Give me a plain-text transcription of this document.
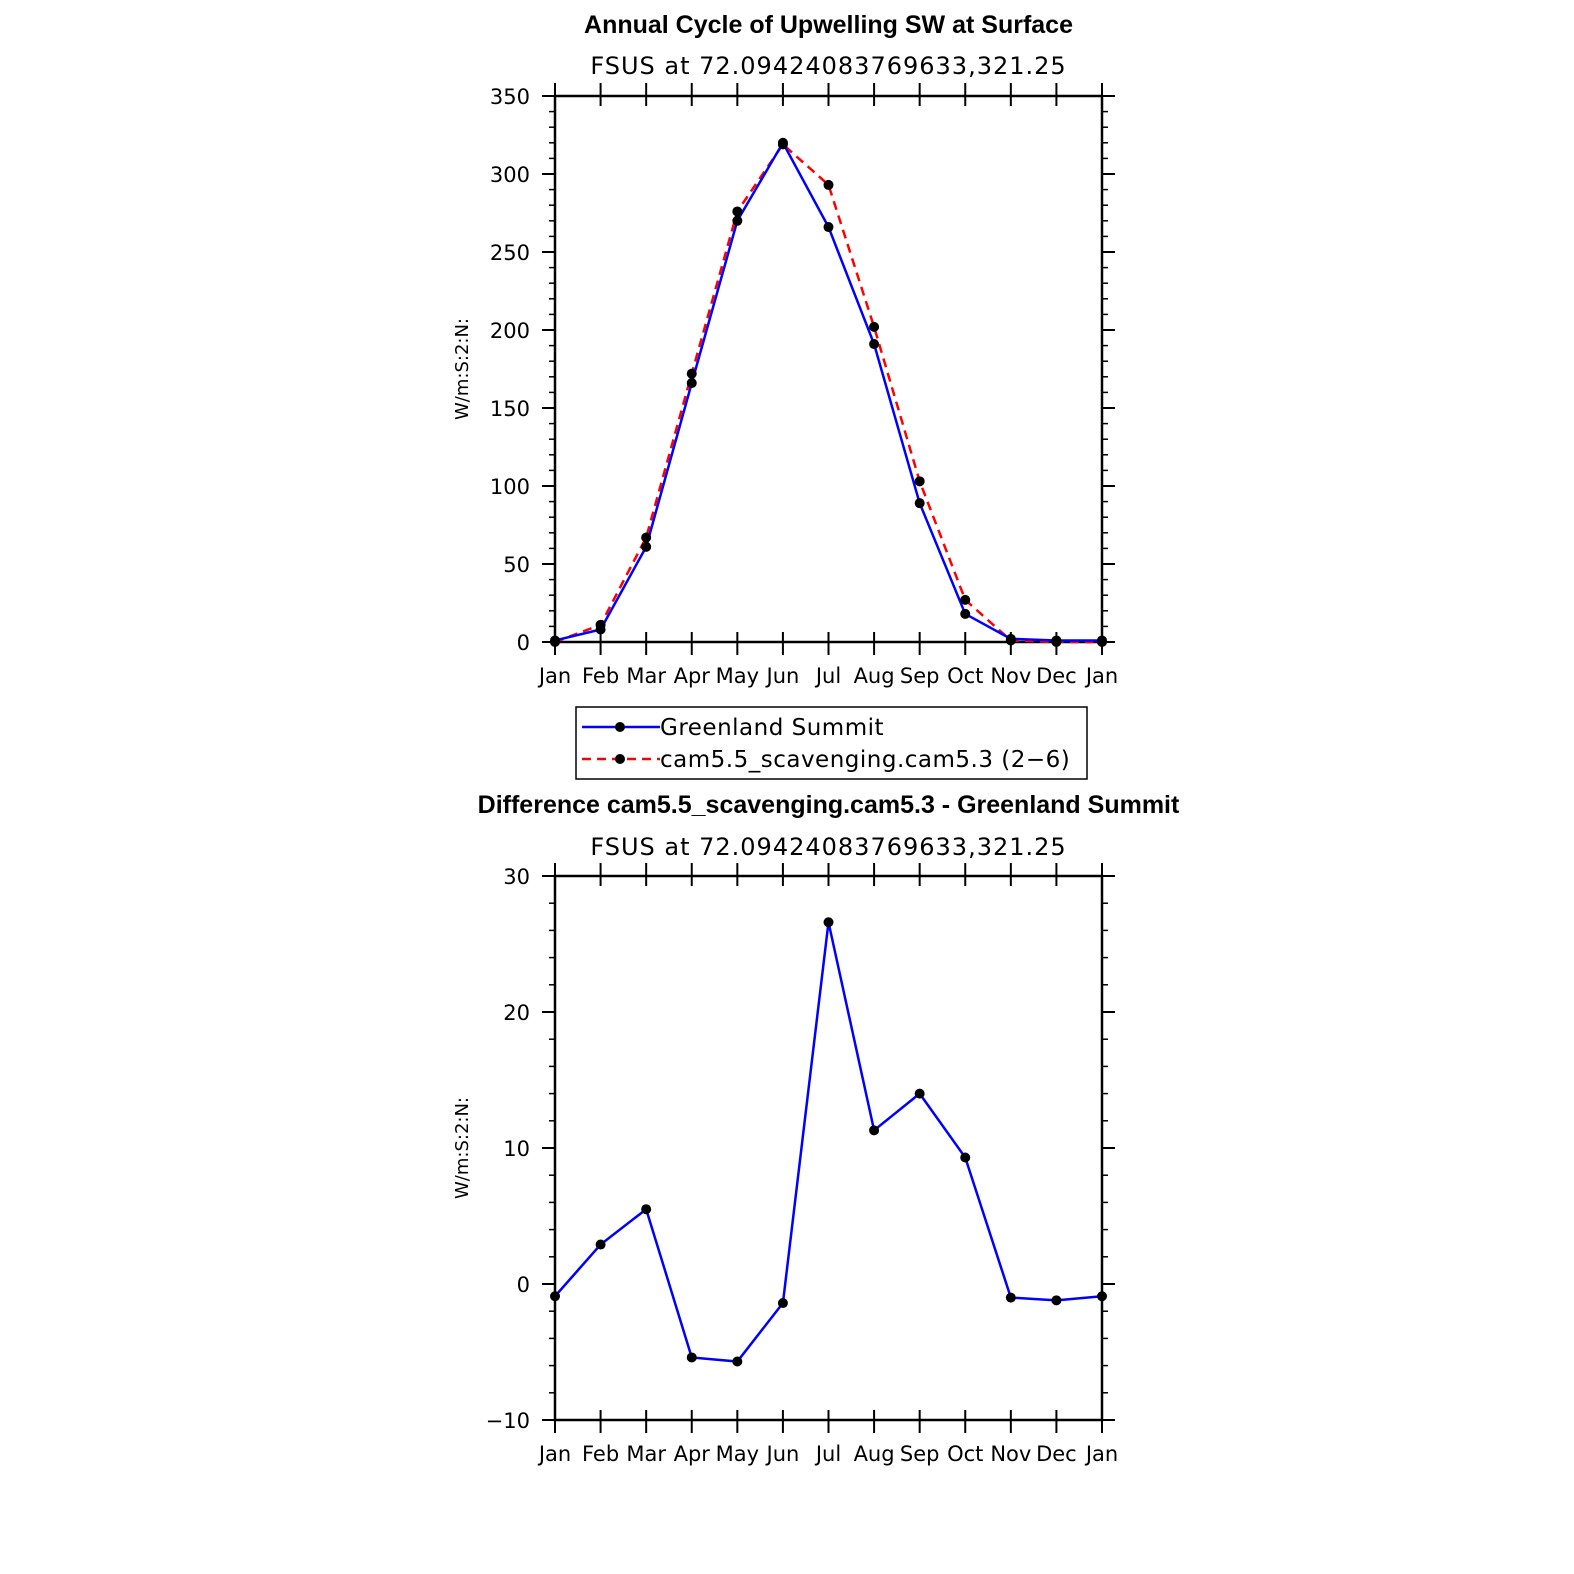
Annual Cycle of Upwelling SW at Surface
FSUS at 72.09424083769633,321.25
W/m:S:2:N:
Jan Feb Mar Apr May Jun Jul Aug Sep Oct Nov Dec Jan
0
50
100
150
200
250
300
350
Greenland Summit
cam5.5_scavenging.cam5.3 (2−6)
Difference cam5.5_scavenging.cam5.3 - Greenland Summit
FSUS at 72.09424083769633,321.25
W/m:S:2:N:
Jan Feb Mar Apr May Jun Jul Aug Sep Oct Nov Dec Jan
−10
0
10
20
30
